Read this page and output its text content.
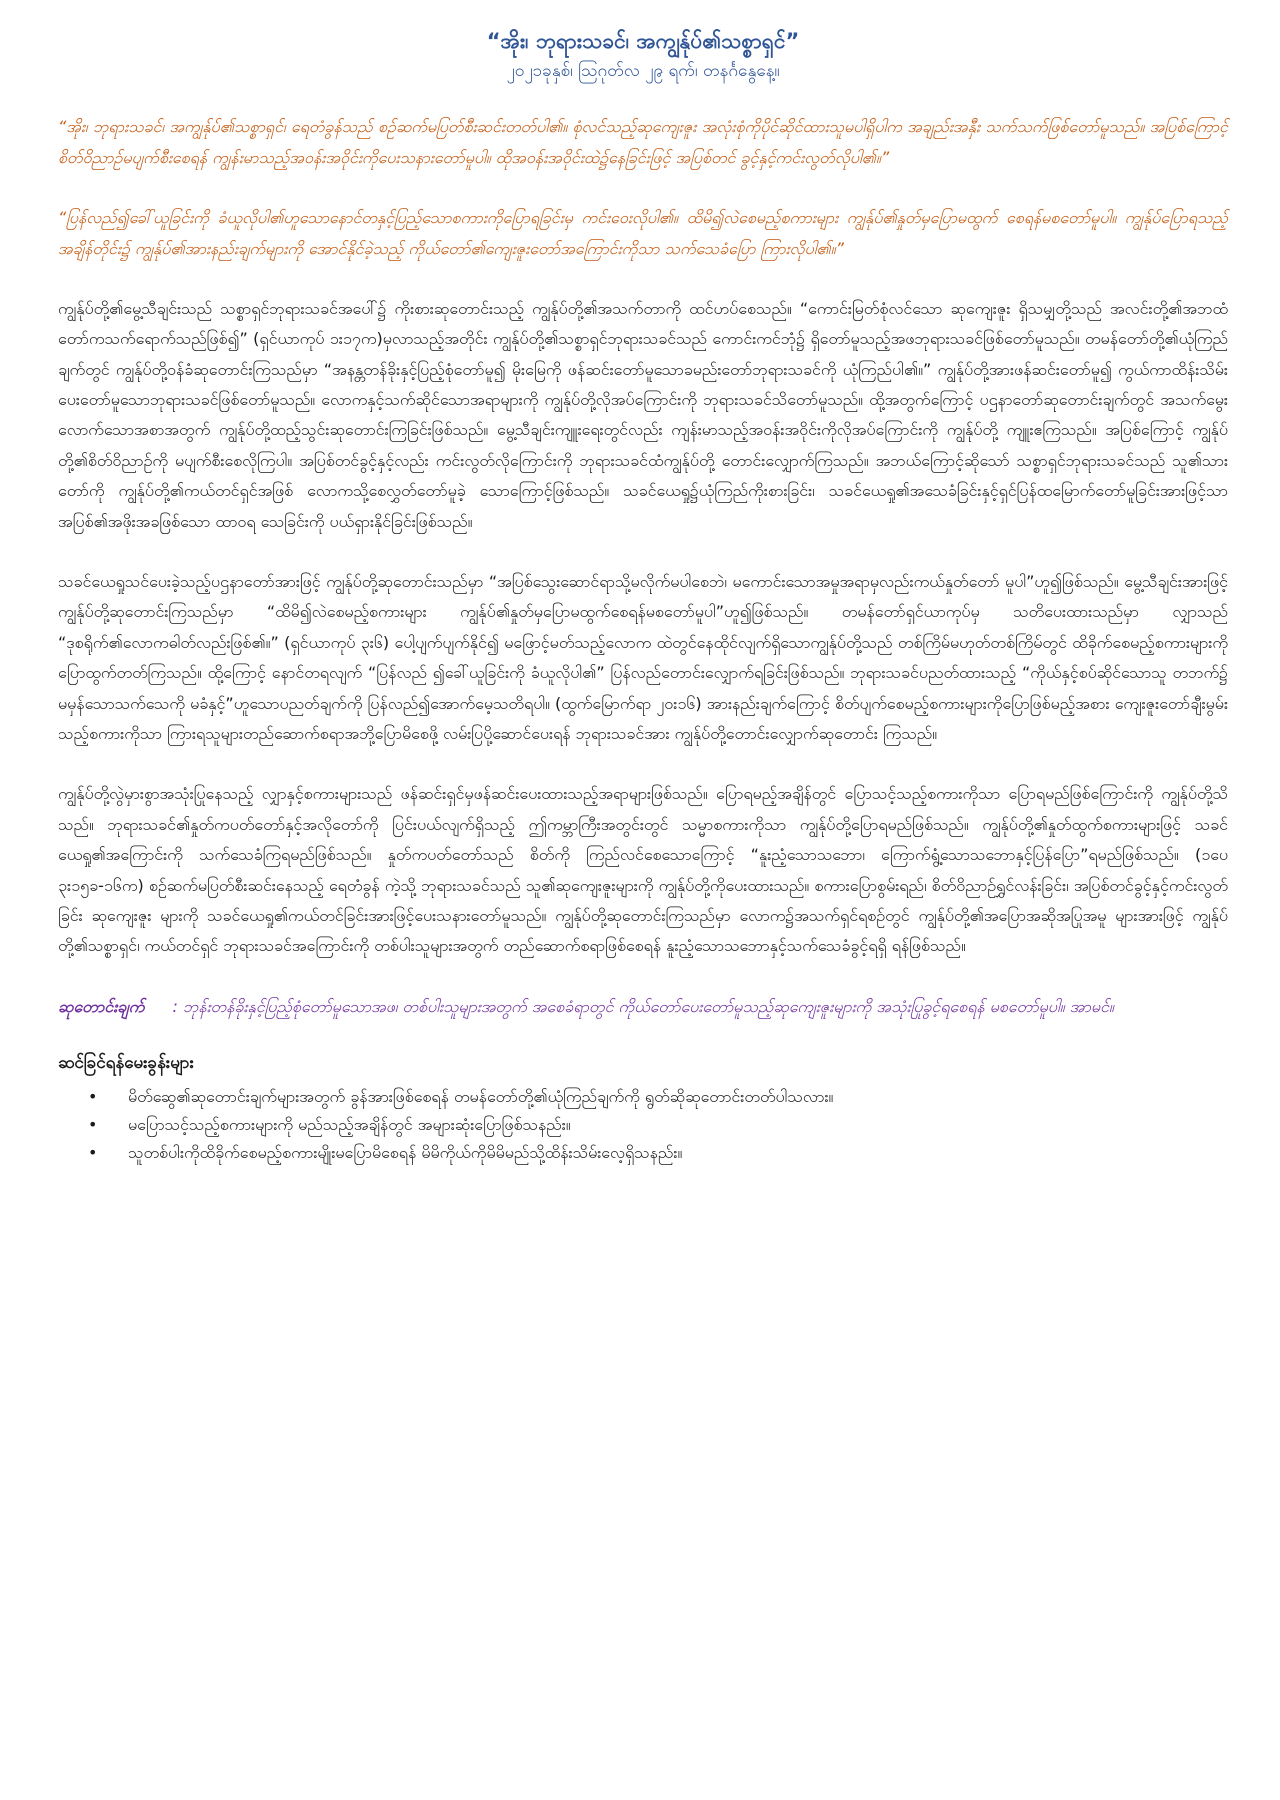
“အိုး၊ ဘုရားသခင်၊ အကျွန်ုပ်၏သစ္စာရှင်”

၂၀၂၁ခုနှစ်၊ ဩဂုတ်လ ၂၉ ရက်၊ တနင်္ဂနွေနေ့။

“အိုး၊ ဘုရားသခင်၊ အကျွန်ုပ်၏သစ္စာရှင်၊ ရေတံခွန်သည် စဉ်ဆက်မပြတ်စီးဆင်းတတ်ပါ၏။ စုံလင်သည့်ဆုကျေးဇူး အလုံးစုံကိုပိုင်ဆိုင်ထားသူမပါရှိပါက အချည်းအနှီး သက်သက်ဖြစ်တော်မူသည်။ အပြစ်ကြောင့် စိတ်ဝိညာဉ်မပျက်စီးစေရန် ကျွန်းမာသည့်အဝန်းအဝိုင်းကိုပေးသနားတော်မူပါ။ ထိုအဝန်းအဝိုင်းထဲ၌နေခြင်းဖြင့် အပြစ်တင် ခွင့်နှင့်ကင်းလွတ်လိုပါ၏။”

“ပြန်လည်၍ခေါ်ယူခြင်းကို ခံယူလိုပါ၏ဟူသောနောင်တနှင့်ပြည့်သောစကားကိုပြောရခြင်းမှ ကင်းဝေးလိုပါ၏။ ထိမိ၍လဲစေမည့်စကားများ ကျွန်ုပ်၏နှုတ်မှပြောမထွက် စေရန်မစတော်မူပါ။ ကျွန်ုပ်ပြောရသည့်အချိန်တိုင်း၌ ကျွန်ုပ်၏အားနည်းချက်များကို အောင်နိုင်ခဲ့သည့် ကိုယ်တော်၏ကျေးဇူးတော်အကြောင်းကိုသာ သက်သေခံပြော ကြားလိုပါ၏။”

ကျွန်ုပ်တို့၏မွေ့သီချင်းသည် သစ္စာရှင်ဘုရားသခင်အပေါ်၌ ကိုးစားဆုတောင်းသည့် ကျွန်ုပ်တို့၏အသက်တာကို ထင်ဟပ်စေသည်။ “ကောင်းမြတ်စုံလင်သော ဆုကျေးဇူး ရှိသမျှတို့သည် အလင်းတို့၏အဘထံတော်ကသက်ရောက်သည်ဖြစ်၍” (ရှင်ယာကုပ် ၁း၁၇က)မှလာသည့်အတိုင်း ကျွန်ုပ်တို့၏သစ္စာရှင်ဘုရားသခင်သည် ကောင်းကင်ဘုံ၌ ရှိတော်မူသည့်အဖဘုရားသခင်ဖြစ်တော်မူသည်။ တမန်တော်တို့၏ယုံကြည်ချက်တွင် ကျွန်ုပ်တို့ဝန်ခံဆုတောင်းကြသည်မှာ “အနန္တတန်ခိုးနှင့်ပြည့်စုံတော်မူ၍ မိုးမြေကို ဖန်ဆင်းတော်မူသောခမည်းတော်ဘုရားသခင်ကို ယုံကြည်ပါ၏။” ကျွန်ုပ်တို့အားဖန်ဆင်းတော်မူ၍ ကွယ်ကာထိန်းသိမ်းပေးတော်မူသောဘုရားသခင်ဖြစ်တော်မူသည်။ လောကနှင့်သက်ဆိုင်သောအရာများကို ကျွန်ုပ်တို့လိုအပ်ကြောင်းကို ဘုရားသခင်သိတော်မူသည်။ ထို့အတွက်ကြောင့် ပဌနာတော်ဆုတောင်းချက်တွင် အသက်မွေး လောက်သောအစာအတွက် ကျွန်ုပ်တို့ထည့်သွင်းဆုတောင်းကြခြင်းဖြစ်သည်။ မွေ့သီချင်းကျူးရေးတွင်လည်း ကျန်းမာသည့်အဝန်းအဝိုင်းကိုလိုအပ်ကြောင်းကို ကျွန်ုပ်တို့ ကျူးဧကြသည်။ အပြစ်ကြောင့် ကျွန်ုပ်တို့၏စိတ်ဝိညာဉ်ကို မပျက်စီးစေလိုကြပါ။ အပြစ်တင်ခွင့်နှင့်လည်း ကင်းလွတ်လိုကြောင်းကို ဘုရားသခင်ထံကျွန်ုပ်တို့ တောင်းလျှောက်ကြသည်။ အဘယ်ကြောင့်ဆိုသော် သစ္စာရှင်ဘုရားသခင်သည် သူ၏သားတော်ကို ကျွန်ုပ်တို့၏ကယ်တင်ရှင်အဖြစ် လောကသို့စေလွှတ်တော်မူခဲ့ သောကြောင့်ဖြစ်သည်။ သခင်ယေရှု၌ယုံကြည်ကိုးစားခြင်း၊ သခင်ယေရှု၏အသေခံခြင်းနှင့်ရှင်ပြန်ထမြောက်တော်မူခြင်းအားဖြင့်သာ အပြစ်၏အဖိုးအခဖြစ်သော ထာဝရ သေခြင်းကို ပယ်ရှားနိုင်ခြင်းဖြစ်သည်။

သခင်ယေရှုသင်ပေးခဲ့သည့်ပဌနာတော်အားဖြင့် ကျွန်ုပ်တို့ဆုတောင်းသည်မှာ “အပြစ်သွေးဆောင်ရာသို့မလိုက်မပါစေဘဲ၊ မကောင်းသောအမှုအရာမှလည်းကယ်နှုတ်တော် မူပါ”ဟူ၍ဖြစ်သည်။ မွေ့သီချင်းအားဖြင့် ကျွန်ုပ်တို့ဆုတောင်းကြသည်မှာ “ထိမိ၍လဲစေမည့်စကားများ ကျွန်ုပ်၏နှုတ်မှပြောမထွက်စေရန်မစတော်မူပါ”ဟူ၍ဖြစ်သည်။ တမန်တော်ရှင်ယာကုပ်မှ သတိပေးထားသည်မှာ လျှာသည် “ဒုစရိုက်၏လောကဓါတ်လည်းဖြစ်၏။” (ရှင်ယာကုပ် ၃း၆) ပေါ့ပျက်ပျက်နိုင်၍ မဖြောင့်မတ်သည့်လောက ထဲတွင်နေထိုင်လျက်ရှိသောကျွန်ုပ်တို့သည် တစ်ကြိမ်မဟုတ်တစ်ကြိမ်တွင် ထိခိုက်စေမည့်စကားများကိုပြောထွက်တတ်ကြသည်။ ထို့ကြောင့် နောင်တရလျက် “ပြန်လည် ၍ခေါ်ယူခြင်းကို ခံယူလိုပါ၏” ပြန်လည်တောင်းလျှောက်ရခြင်းဖြစ်သည်။ ဘုရားသခင်ပညတ်ထားသည့် “ကိုယ်နှင့်စပ်ဆိုင်သောသူ တဘက်၌ မမှန်သောသက်သေကို မခံနှင့်”ဟူသောပညတ်ချက်ကို ပြန်လည်၍အောက်မေ့သတိရပါ။ (ထွက်မြောက်ရာ ၂၀း၁၆) အားနည်းချက်ကြောင့် စိတ်ပျက်စေမည့်စကားများကိုပြောဖြစ်မည့်အစား ကျေးဇူးတော်ချီးမွမ်းသည့်စကားကိုသာ ကြားရသူများတည်ဆောက်စရာအဘို့ပြောမိစေဖို့ လမ်းပြပို့ဆောင်ပေးရန် ဘုရားသခင်အား ကျွန်ုပ်တို့တောင်းလျှောက်ဆုတောင်း ကြသည်။

ကျွန်ုပ်တို့လွဲမှားစွာအသုံးပြုနေသည့် လျှာနှင့်စကားများသည် ဖန်ဆင်းရှင်မှဖန်ဆင်းပေးထားသည့်အရာများဖြစ်သည်။ ပြောရမည့်အချိန်တွင် ပြောသင့်သည့်စကားကိုသာ ပြောရမည်ဖြစ်ကြောင်းကို ကျွန်ုပ်တို့သိသည်။ ဘုရားသခင်၏နှုတ်ကပတ်တော်နှင့်အလိုတော်ကို ပြင်းပယ်လျက်ရှိသည့် ဤကမ္ဘာကြီးအတွင်းတွင် သမ္မာစကားကိုသာ ကျွန်ုပ်တို့ပြောရမည်ဖြစ်သည်။ ကျွန်ုပ်တို့၏နှုတ်ထွက်စကားများဖြင့် သခင်ယေရှု၏အကြောင်းကို သက်သေခံကြရမည်ဖြစ်သည်။ နှုတ်ကပတ်တော်သည် စိတ်ကို ကြည်လင်စေသောကြောင့် “နူးညံ့သောသဘော၊ ကြောက်ရွံ့သောသဘောနှင့်ပြန်ပြော”ရမည်ဖြစ်သည်။ (၁ပေ ၃း၁၅ခ-၁၆က) စဉ်ဆက်မပြတ်စီးဆင်းနေသည့် ရေတံခွန် ကဲ့သို့ ဘုရားသခင်သည် သူ၏ဆုကျေးဇူးများကို ကျွန်ုပ်တို့ကိုပေးထားသည်။ စကားပြောစွမ်းရည်၊ စိတ်ဝိညာဉ်ရွှင်လန်းခြင်း၊ အပြစ်တင်ခွင့်နှင့်ကင်းလွတ်ခြင်း ဆုကျေးဇူး များကို သခင်ယေရှု၏ကယ်တင်ခြင်းအားဖြင့်ပေးသနားတော်မူသည်။ ကျွန်ုပ်တို့ဆုတောင်းကြသည်မှာ လောက၌အသက်ရှင်ရစဉ်တွင် ကျွန်ုပ်တို့၏အပြောအဆိုအပြုအမူ များအားဖြင့် ကျွန်ုပ်တို့၏သစ္စာရှင်၊ ကယ်တင်ရှင် ဘုရားသခင်အကြောင်းကို တစ်ပါးသူများအတွက် တည်ဆောက်စရာဖြစ်စေရန် နူးညံ့သောသဘောနှင့်သက်သေခံခွင့်ရရှိ ရန်ဖြစ်သည်။

ဆုတောင်းချက် : ဘုန်းတန်ခိုးနှင့်ပြည့်စုံတော်မူသောအဖ၊ တစ်ပါးသူများအတွက် အစေခံရာတွင် ကိုယ်တော်ပေးတော်မူသည့်ဆုကျေးဇူးများကို အသုံးပြုခွင့်ရစေရန် မစတော်မူပါ။ အာမင်။
ဆင်ခြင်ရန်မေးခွန်းများ
•	မိတ်ဆွေ၏ဆုတောင်းချက်များအတွက် ခွန်အားဖြစ်စေရန် တမန်တော်တို့၏ယုံကြည်ချက်ကို ရွတ်ဆိုဆုတောင်းတတ်ပါသလား။
•	မပြောသင့်သည့်စကားများကို မည်သည့်အချိန်တွင် အများဆုံးပြောဖြစ်သနည်း။
•	သူတစ်ပါးကိုထိခိုက်စေမည့်စကားမျိုးမပြောမိစေရန် မိမိကိုယ်ကိုမိမိမည်သို့ထိန်းသိမ်းလေ့ရှိသနည်း။
